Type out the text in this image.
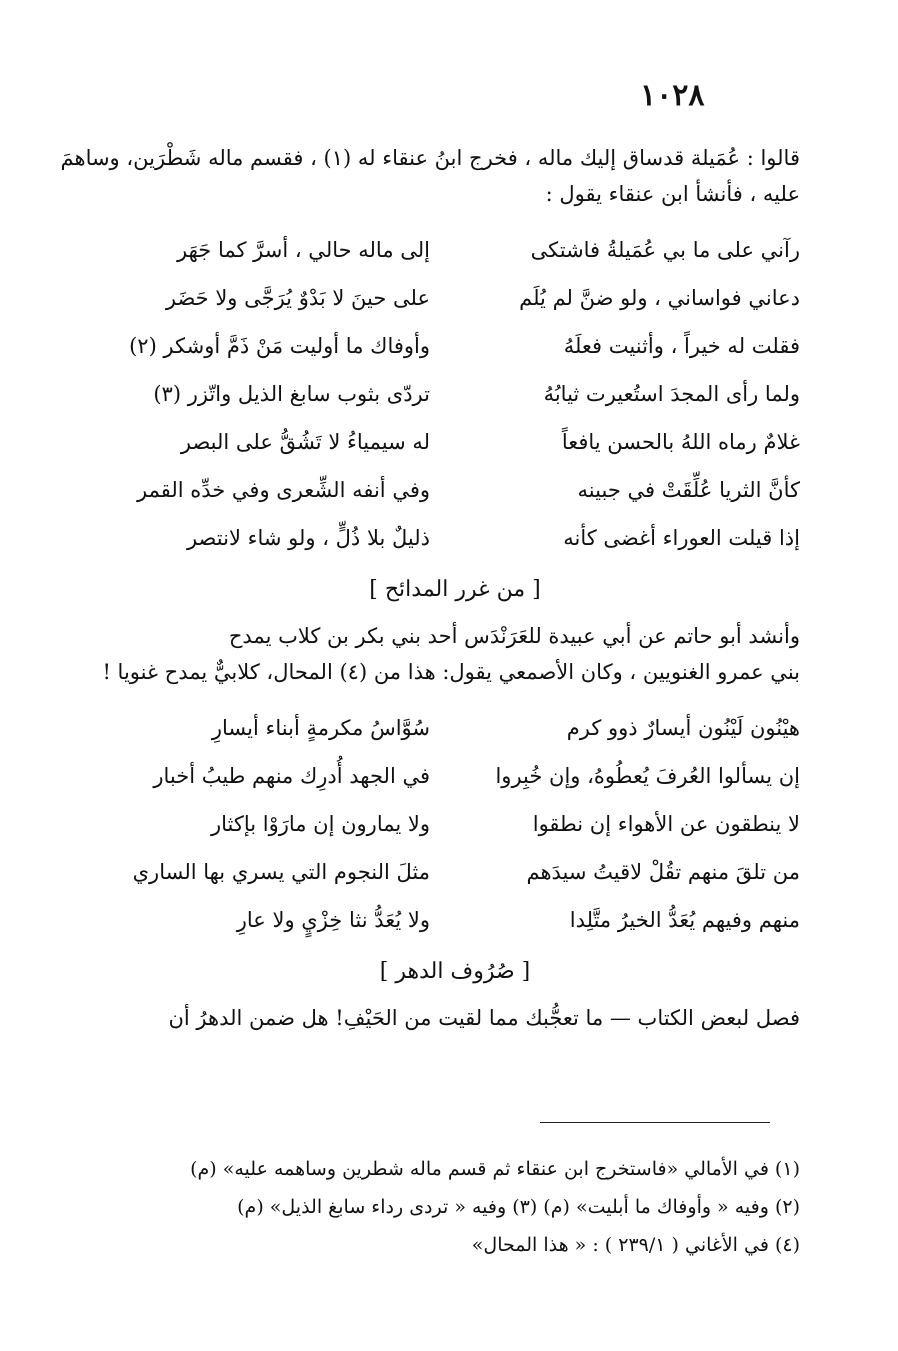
١٠٢٨

قالوا : عُمَيلة قدساق إليك ماله ، فخرج ابنُ عنقاء له (١) ، فقسم ماله شَطْرَين، وساهمَ
عليه ، فأنشأ ابن عنقاء يقول :

رآني على ما بي عُمَيلةُ فاشتكى
إلى ماله حالي ، أسرَّ كما جَهَر
دعاني فواساني ، ولو ضنَّ لم يُلَم
على حينَ لا بَدْوٌ يُرَجَّى ولا حَضَر
فقلت له خيراً ، وأثنيت فعلَهُ
وأوفاك ما أوليت مَنْ ذَمَّ أوشكر (٢)
ولما رأى المجدَ استُعيرت ثيابُهُ
تردّى بثوب سابغ الذيل واتّزر (٣)
غلامٌ رماه اللهُ بالحسن يافعاً
له سيمياءُ لا تَشُقُّ على البصر
كأنَّ الثريا عُلِّقَتْ في جبينه
وفي أنفه الشِّعرى وفي خدِّه القمر
إذا قيلت العوراء أغضى كأنه
ذليلٌ بلا ذُلٍّ ، ولو شاء لانتصر
[ من غرر المدائح ]

وأنشد أبو حاتم عن أبي عبيدة للعَرَنْدَس أحد بني بكر بن كلاب يمدح
بني عمرو الغنويين ، وكان الأصمعي يقول: هذا من (٤) المحال، كلابيٌّ يمدح غنويا !

هيْنُون لَيْنُون أيسارٌ ذوو كرم
سُوَّاسُ مكرمةٍ أبناء أيسارِ
إن يسألوا العُرفَ يُعطُوهُ، وإن خُبِروا
في الجهد أُدرِك منهم طيبُ أخبار
لا ينطقون عن الأهواء إن نطقوا
ولا يمارون إن مارَوْا بإكثار
من تلقَ منهم تقُلْ لاقيتُ سيدَهم
مثلَ النجوم التي يسري بها الساري
منهم وفيهم يُعَدُّ الخيرُ متَّلِدا
ولا يُعَدُّ نثا خِزْيٍ ولا عارِ
[ صُرُوف الدهر ]

فصل لبعض الكتاب — ما تعجُّبك مما لقيت من الحَيْفِ! هل ضمن الدهرُ أن

(١) في الأمالي «فاستخرج ابن عنقاء ثم قسم ماله شطرين وساهمه عليه» (م)
(٢) وفيه « وأوفاك ما أبليت» (م) (٣) وفيه « تردى رداء سابغ الذيل» (م)
(٤) في الأغاني ( ٢٣٩/١ ) : « هذا المحال»
